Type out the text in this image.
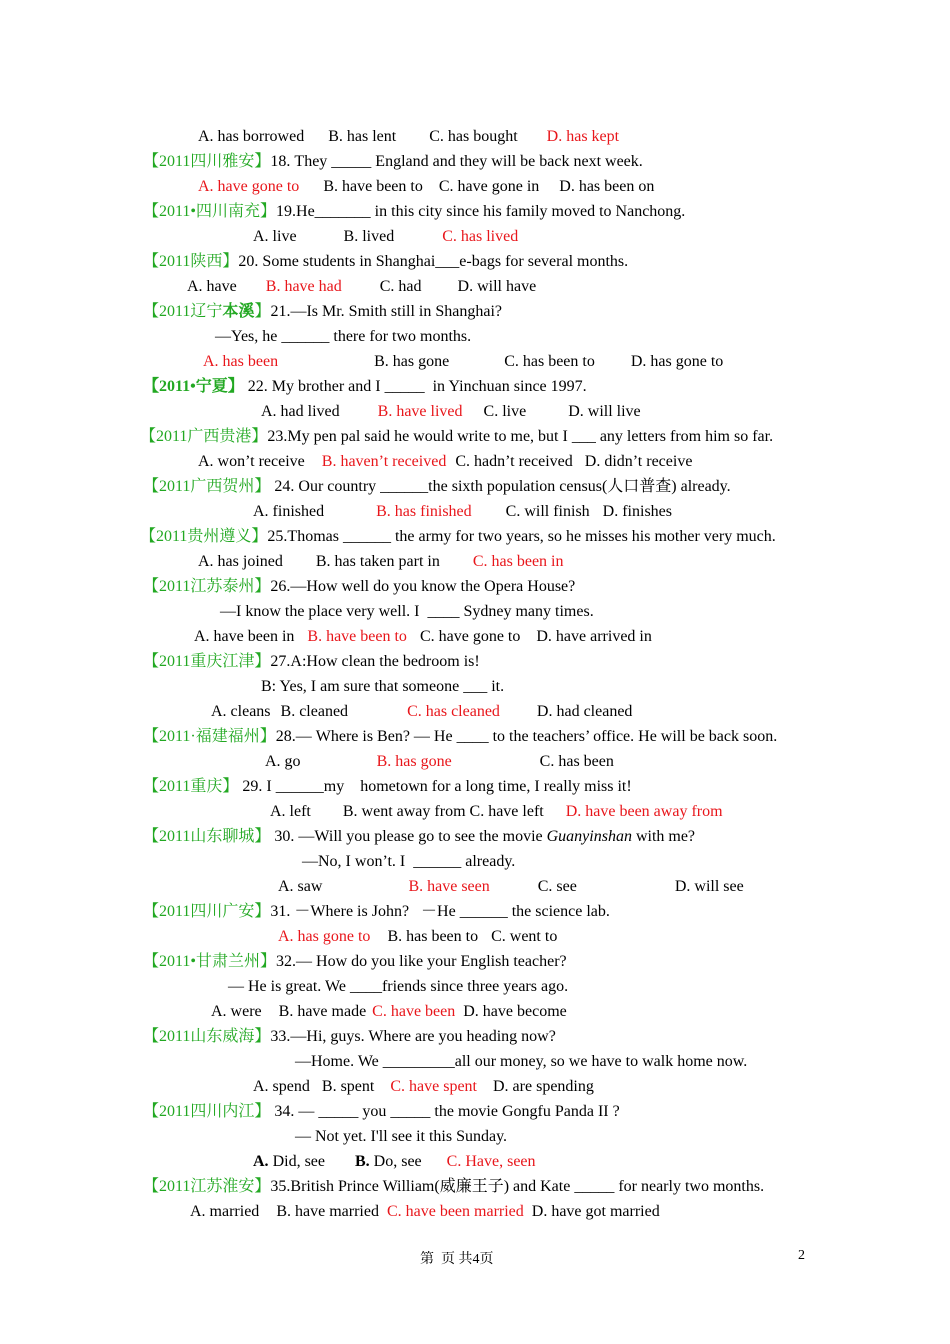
A. has borrowed B. has lent C. has bought D. has kept
【2011四川雅安】18. They _____ England and they will be back next week.
A. have gone to B. have been to C. have gone in D. has been on
【2011•四川南充】19.He_______ in this city since his family moved to Nanchong.
A. live	B. lived	C. has lived
【2011陕西】20. Some students in Shanghai___e-bags for several months.
A. have B. have had C. had D. will have
【2011辽宁本溪】21.—Is Mr. Smith still in Shanghai?
—Yes, he ______ there for two months.
A. has been	B. has gone	C. has been to D. has gone to
【2011•宁夏】 22. My brother and I _____  in Yinchuan since 1997.
A. had lived B. have lived C. live	D. will live
【2011广西贵港】23.My pen pal said he would write to me, but I ___ any letters from him so far.
A. won’t receive B. haven’t received C. hadn’t received D. didn’t receive
【2011广西贺州】 24. Our country ______the sixth population census(人口普查) already.
A. finished	B. has finished C. will finish D. finishes
【2011贵州遵义】25.Thomas ______ the army for two years, so he misses his mother very much.
A. has joined B. has taken part in C. has been in
【2011江苏泰州】26.—How well do you know the Opera House?
—I know the place very well. I  ____ Sydney many times.
A. have been in B. have been to C. have gone to D. have arrived in
【2011重庆江津】27.A:How clean the bedroom is!
B: Yes, I am sure that someone ___ it.
A. cleans B. cleaned	C. has cleaned D. had cleaned
【2011·福建福州】28.— Where is Ben? — He ____ to the teachers’ office. He will be back soon.
A. go	B. has gone	C. has been
【2011重庆】 29. I ______my    hometown for a long time, I really miss it!
A. left B. went away from C. have left D. have been away from
【2011山东聊城】 30. —Will you please go to see the movie Guanyinshan with me?
—No, I won’t. I  ______ already.
A. saw	B. have seen	C. see	D. will see
【2011四川广安】31. －Where is John?   －He ______ the science lab.
A. has gone to B. has been to C. went to
【2011•甘肃兰州】32.— How do you like your English teacher?
— He is great. We ____friends since three years ago.
A. were B. have made C. have been D. have become
【2011山东威海】33.—Hi, guys. Where are you heading now?
—Home. We _________all our money, so we have to walk home now.
A. spend B. spent C. have spent D. are spending
【2011四川内江】 34. — _____ you _____ the movie Gongfu Panda II ?
— Not yet. I'll see it this Sunday.
A. Did, see B. Do, see C. Have, seen
【2011江苏淮安】35.British Prince William(威廉王子) and Kate _____ for nearly two months.
A. married B. have married C. have been married D. have got married
第  页 共4页	2
